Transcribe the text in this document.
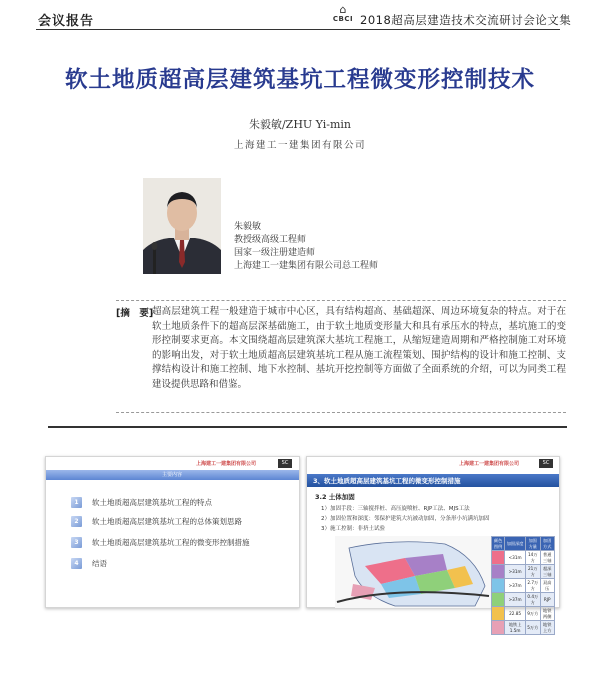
会议报告
⌂
CBCI 2018超高层建造技术交流研讨会论文集
软土地质超高层建筑基坑工程微变形控制技术
朱毅敏/ZHU Yi-min
上海建工一建集团有限公司
朱毅敏
教授级高级工程师
国家一级注册建造师
上海建工一建集团有限公司总工程师
[摘　要]
超高层建筑工程一般建造于城市中心区，具有结构超高、基础超深、周边环境复杂的特点。对于在软土地质条件下的超高层深基础施工，由于软土地质变形量大和具有承压水的特点，基坑施工的变形控制要求更高。本文围绕超高层建筑深大基坑工程施工，从缩短建造周期和严格控制施工对环境的影响出发，对于软土地质超高层建筑基坑工程从施工流程策划、围护结构的设计和施工控制、支撑结构设计和施工控制、地下水控制、基坑开挖控制等方面做了全面系统的介绍，可以为同类工程建设提供思路和借鉴。
上海建工一建集团有限公司	SC
主要内容
1	软土地质超高层建筑基坑工程的特点
2	软土地质超高层建筑基坑工程的总体策划思路
3	软土地质超高层建筑基坑工程的微变形控制措施
4	结语
上海建工一建集团有限公司	SC
3、软土地质超高层建筑基坑工程的微变形控制措施
3.2 土体加固
1）加固手段：三轴搅拌桩、高压旋喷桩、RJP工法、MJS工法
2）加固位置和深度：邻保护建筑大坑被动加固，分条形小坑满坑加固
3）施工控制：非挤土试验
颜色图例	加固深度	加固方量	加固方式
	<31m	14万方	普通三轴
	>31m	21万方	超深三轴
	>37m	2.7万方	双高压
	>37m	0.4万方	RJP
	22.85	9万方	地铁两侧
	地铁上1.5m	5万方	地铁上方
